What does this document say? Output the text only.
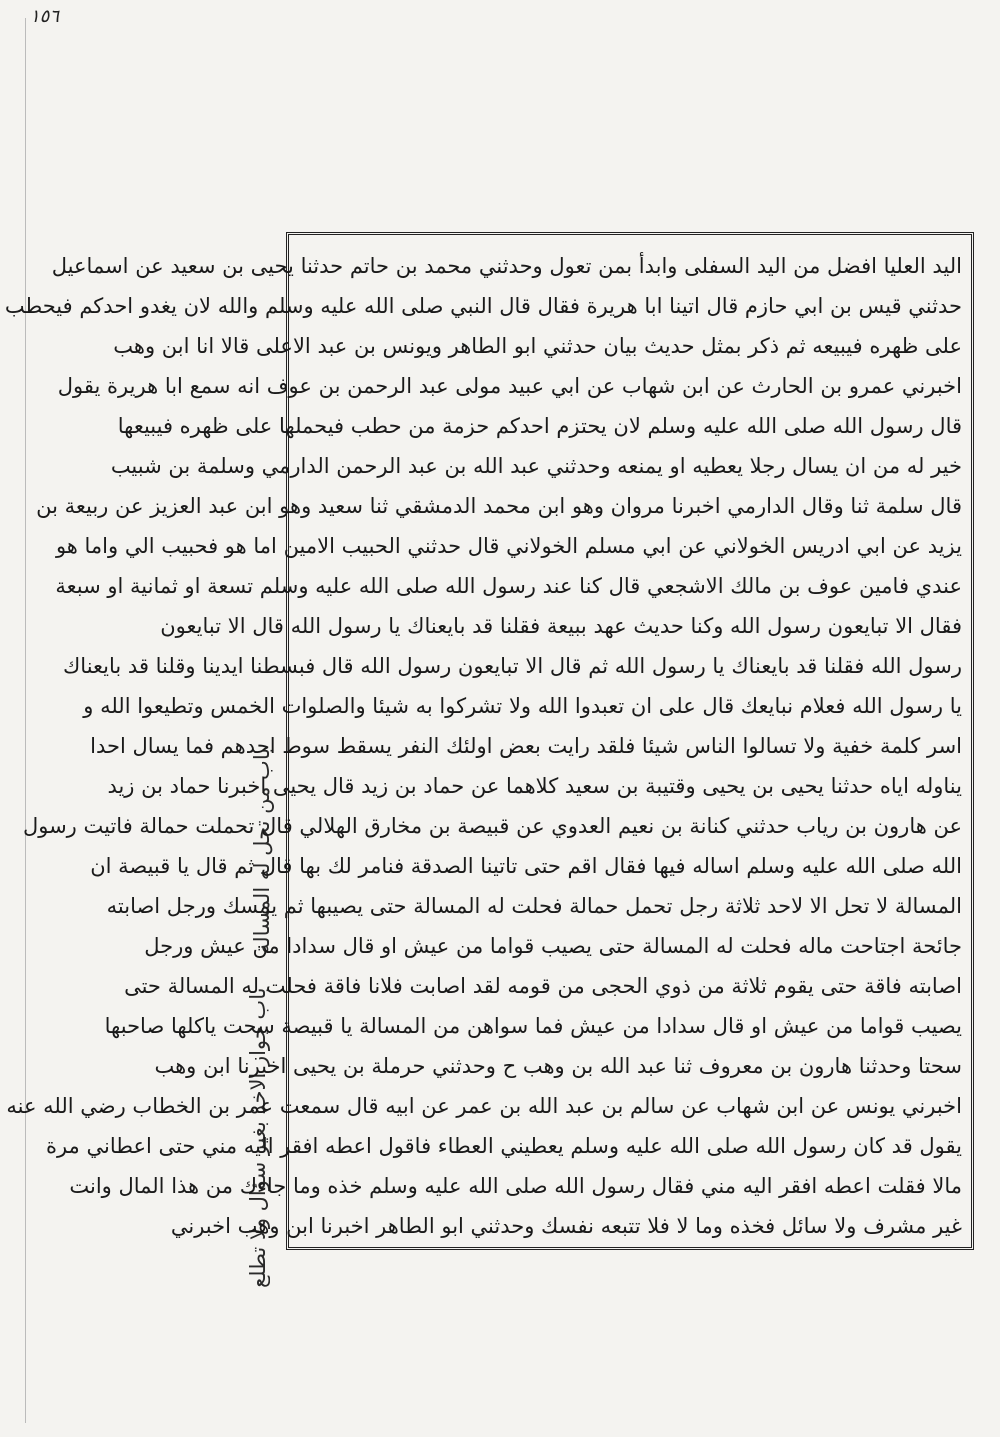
١٥٦
باب من تحل له المسالة
باب جواز الاخذ بغير سؤال ولا تطلع
اليد العليا افضل من اليد السفلى وابدأ بمن تعول وحدثني محمد بن حاتم حدثنا يحيى بن سعيد عن اسماعيل
حدثني قيس بن ابي حازم قال اتينا ابا هريرة فقال قال النبي صلى الله عليه وسلم والله لان يغدو احدكم فيحطب
على ظهره فيبيعه ثم ذكر بمثل حديث بيان حدثني ابو الطاهر ويونس بن عبد الاعلى قالا انا ابن وهب
اخبرني عمرو بن الحارث عن ابن شهاب عن ابي عبيد مولى عبد الرحمن بن عوف انه سمع ابا هريرة يقول
قال رسول الله صلى الله عليه وسلم لان يحتزم احدكم حزمة من حطب فيحملها على ظهره فيبيعها
خير له من ان يسال رجلا يعطيه او يمنعه وحدثني عبد الله بن عبد الرحمن الدارمي وسلمة بن شبيب
قال سلمة ثنا وقال الدارمي اخبرنا مروان وهو ابن محمد الدمشقي ثنا سعيد وهو ابن عبد العزيز عن ربيعة بن
يزيد عن ابي ادريس الخولاني عن ابي مسلم الخولاني قال حدثني الحبيب الامين اما هو فحبيب الي واما هو
عندي فامين عوف بن مالك الاشجعي قال كنا عند رسول الله صلى الله عليه وسلم تسعة او ثمانية او سبعة
فقال الا تبايعون رسول الله وكنا حديث عهد ببيعة فقلنا قد بايعناك يا رسول الله قال الا تبايعون
رسول الله فقلنا قد بايعناك يا رسول الله ثم قال الا تبايعون رسول الله قال فبسطنا ايدينا وقلنا قد بايعناك
يا رسول الله فعلام نبايعك قال على ان تعبدوا الله ولا تشركوا به شيئا والصلوات الخمس وتطيعوا الله و
اسر كلمة خفية ولا تسالوا الناس شيئا فلقد رايت بعض اولئك النفر يسقط سوط احدهم فما يسال احدا
يناوله اياه حدثنا يحيى بن يحيى وقتيبة بن سعيد كلاهما عن حماد بن زيد قال يحيى اخبرنا حماد بن زيد
عن هارون بن رياب حدثني كنانة بن نعيم العدوي عن قبيصة بن مخارق الهلالي قال تحملت حمالة فاتيت رسول
الله صلى الله عليه وسلم اساله فيها فقال اقم حتى تاتينا الصدقة فنامر لك بها قال ثم قال يا قبيصة ان
المسالة لا تحل الا لاحد ثلاثة رجل تحمل حمالة فحلت له المسالة حتى يصيبها ثم يمسك ورجل اصابته
جائحة اجتاحت ماله فحلت له المسالة حتى يصيب قواما من عيش او قال سدادا من عيش ورجل
اصابته فاقة حتى يقوم ثلاثة من ذوي الحجى من قومه لقد اصابت فلانا فاقة فحلت له المسالة حتى
يصيب قواما من عيش او قال سدادا من عيش فما سواهن من المسالة يا قبيصة سحت ياكلها صاحبها
سحتا وحدثنا هارون بن معروف ثنا عبد الله بن وهب ح وحدثني حرملة بن يحيى اخبرنا ابن وهب
اخبرني يونس عن ابن شهاب عن سالم بن عبد الله بن عمر عن ابيه قال سمعت عمر بن الخطاب رضي الله عنه
يقول قد كان رسول الله صلى الله عليه وسلم يعطيني العطاء فاقول اعطه افقر اليه مني حتى اعطاني مرة
مالا فقلت اعطه افقر اليه مني فقال رسول الله صلى الله عليه وسلم خذه وما جاءك من هذا المال وانت
غير مشرف ولا سائل فخذه وما لا فلا تتبعه نفسك وحدثني ابو الطاهر اخبرنا ابن وهب اخبرني
